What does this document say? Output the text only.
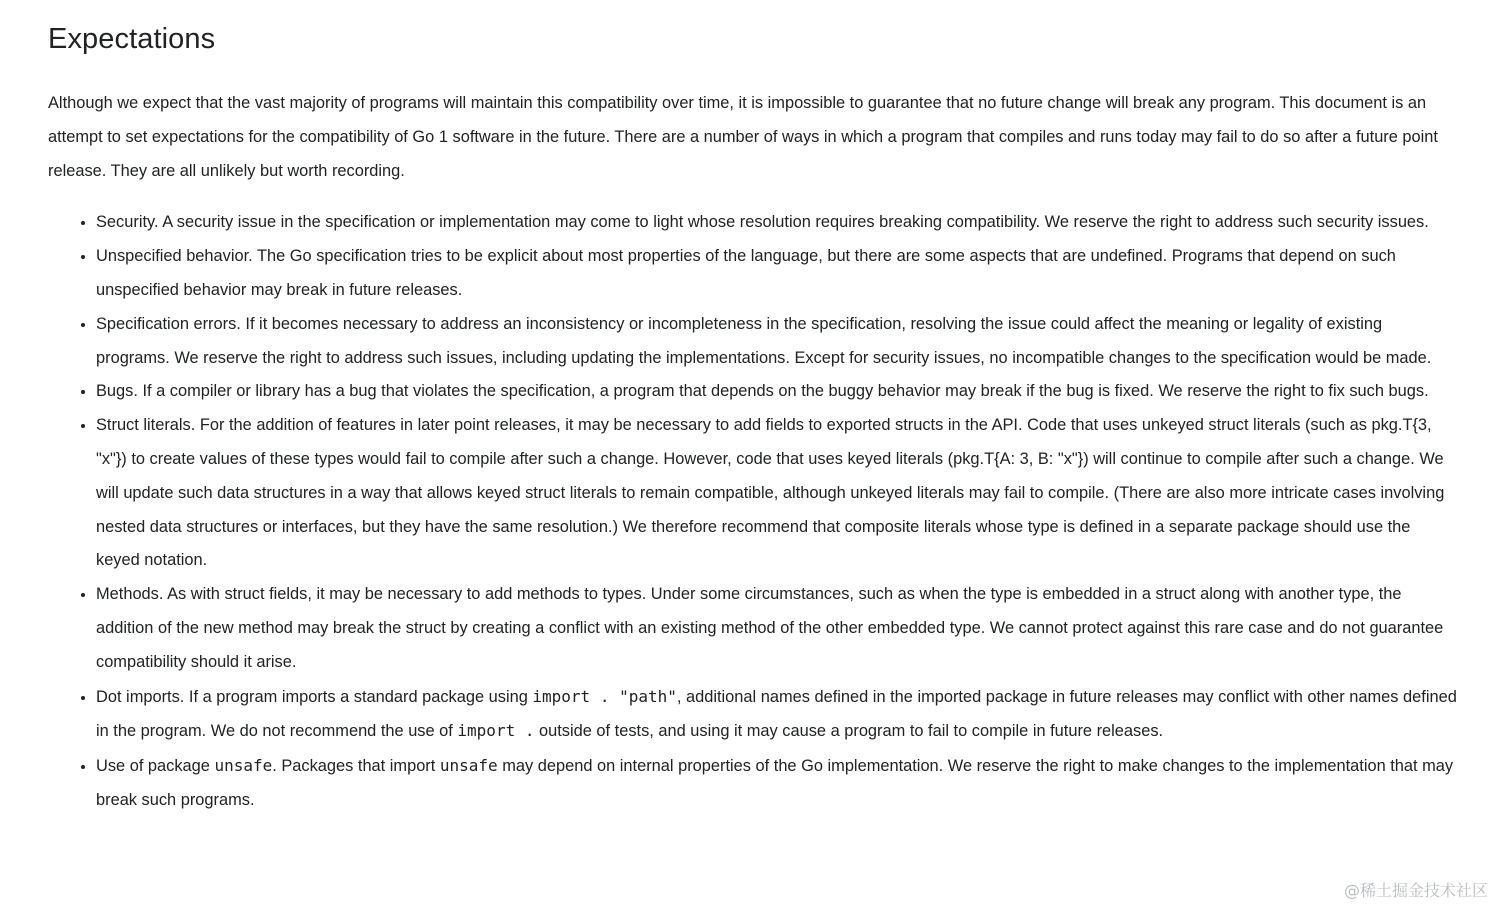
Expectations

Although we expect that the vast majority of programs will maintain this compatibility over time, it is impossible to guarantee that no future change will break any program. This document is an attempt to set expectations for the compatibility of Go 1 software in the future. There are a number of ways in which a program that compiles and runs today may fail to do so after a future point release. They are all unlikely but worth recording.

• Security. A security issue in the specification or implementation may come to light whose resolution requires breaking compatibility. We reserve the right to address such security issues.
• Unspecified behavior. The Go specification tries to be explicit about most properties of the language, but there are some aspects that are undefined. Programs that depend on such unspecified behavior may break in future releases.
• Specification errors. If it becomes necessary to address an inconsistency or incompleteness in the specification, resolving the issue could affect the meaning or legality of existing programs. We reserve the right to address such issues, including updating the implementations. Except for security issues, no incompatible changes to the specification would be made.
• Bugs. If a compiler or library has a bug that violates the specification, a program that depends on the buggy behavior may break if the bug is fixed. We reserve the right to fix such bugs.
• Struct literals. For the addition of features in later point releases, it may be necessary to add fields to exported structs in the API. Code that uses unkeyed struct literals (such as pkg.T{3, "x"}) to create values of these types would fail to compile after such a change. However, code that uses keyed literals (pkg.T{A: 3, B: "x"}) will continue to compile after such a change. We will update such data structures in a way that allows keyed struct literals to remain compatible, although unkeyed literals may fail to compile. (There are also more intricate cases involving nested data structures or interfaces, but they have the same resolution.) We therefore recommend that composite literals whose type is defined in a separate package should use the keyed notation.
• Methods. As with struct fields, it may be necessary to add methods to types. Under some circumstances, such as when the type is embedded in a struct along with another type, the addition of the new method may break the struct by creating a conflict with an existing method of the other embedded type. We cannot protect against this rare case and do not guarantee compatibility should it arise.
• Dot imports. If a program imports a standard package using import . "path", additional names defined in the imported package in future releases may conflict with other names defined in the program. We do not recommend the use of import . outside of tests, and using it may cause a program to fail to compile in future releases.
• Use of package unsafe. Packages that import unsafe may depend on internal properties of the Go implementation. We reserve the right to make changes to the implementation that may break such programs.
@稀土掘金技术社区
